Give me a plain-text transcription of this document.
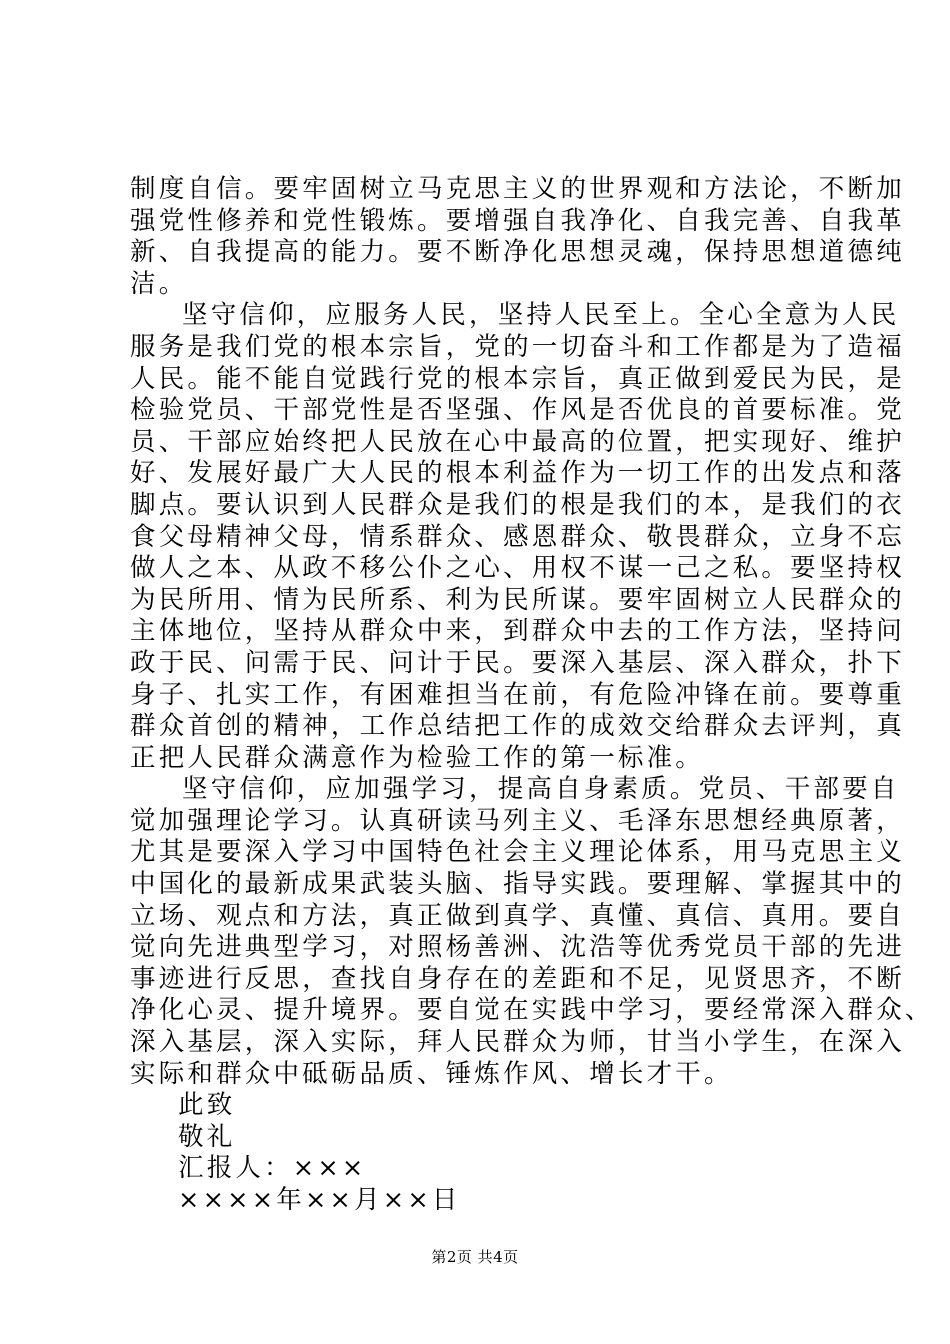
制度自信。要牢固树立马克思主义的世界观和方法论，不断加
强党性修养和党性锻炼。要增强自我净化、自我完善、自我革
新、自我提高的能力。要不断净化思想灵魂，保持思想道德纯
洁。
坚守信仰，应服务人民，坚持人民至上。全心全意为人民
服务是我们党的根本宗旨，党的一切奋斗和工作都是为了造福
人民。能不能自觉践行党的根本宗旨，真正做到爱民为民，是
检验党员、干部党性是否坚强、作风是否优良的首要标准。党
员、干部应始终把人民放在心中最高的位置，把实现好、维护
好、发展好最广大人民的根本利益作为一切工作的出发点和落
脚点。要认识到人民群众是我们的根是我们的本，是我们的衣
食父母精神父母，情系群众、感恩群众、敬畏群众，立身不忘
做人之本、从政不移公仆之心、用权不谋一己之私。要坚持权
为民所用、情为民所系、利为民所谋。要牢固树立人民群众的
主体地位，坚持从群众中来，到群众中去的工作方法，坚持问
政于民、问需于民、问计于民。要深入基层、深入群众，扑下
身子、扎实工作，有困难担当在前，有危险冲锋在前。要尊重
群众首创的精神，工作总结把工作的成效交给群众去评判，真
正把人民群众满意作为检验工作的第一标准。
坚守信仰，应加强学习，提高自身素质。党员、干部要自
觉加强理论学习。认真研读马列主义、毛泽东思想经典原著，
尤其是要深入学习中国特色社会主义理论体系，用马克思主义
中国化的最新成果武装头脑、指导实践。要理解、掌握其中的
立场、观点和方法，真正做到真学、真懂、真信、真用。要自
觉向先进典型学习，对照杨善洲、沈浩等优秀党员干部的先进
事迹进行反思，查找自身存在的差距和不足，见贤思齐，不断
净化心灵、提升境界。要自觉在实践中学习，要经常深入群众、
深入基层，深入实际，拜人民群众为师，甘当小学生，在深入
实际和群众中砥砺品质、锤炼作风、增长才干。
此致
敬礼
汇报人：×××
××××年××月××日
第2页 共4页
